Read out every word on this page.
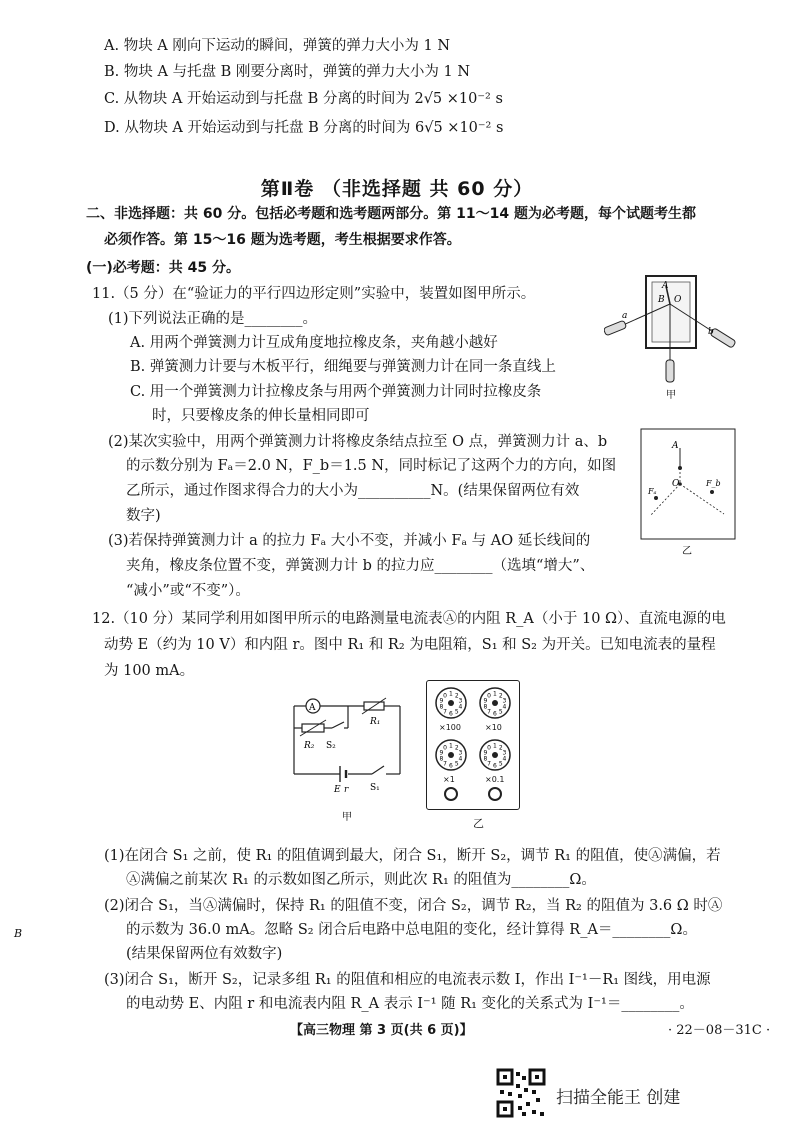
A. 物块 A 刚向下运动的瞬间，弹簧的弹力大小为 1 N
B. 物块 A 与托盘 B 刚要分离时，弹簧的弹力大小为 1 N
C. 从物块 A 开始运动到与托盘 B 分离的时间为 2√5 ×10⁻² s
D. 从物块 A 开始运动到与托盘 B 分离的时间为 6√5 ×10⁻² s
第Ⅱ卷 （非选择题 共 60 分）
二、非选择题：共 60 分。包括必考题和选考题两部分。第 11～14 题为必考题，每个试题考生都
必须作答。第 15～16 题为选考题，考生根据要求作答。
(一)必考题：共 45 分。
11.（5 分）在“验证力的平行四边形定则”实验中，装置如图甲所示。
(1)下列说法正确的是________。
A. 用两个弹簧测力计互成角度地拉橡皮条，夹角越小越好
B. 弹簧测力计要与木板平行，细绳要与弹簧测力计在同一条直线上
C. 用一个弹簧测力计拉橡皮条与用两个弹簧测力计同时拉橡皮条
时，只要橡皮条的伸长量相同即可
(2)某次实验中，用两个弹簧测力计将橡皮条结点拉至 O 点，弹簧测力计 a、b
的示数分别为 Fₐ＝2.0 N，F_b＝1.5 N，同时标记了这两个力的方向，如图
乙所示，通过作图求得合力的大小为__________N。(结果保留两位有效
数字)
(3)若保持弹簧测力计 a 的拉力 Fₐ 大小不变，并减小 Fₐ 与 AO 延长线间的
夹角，橡皮条位置不变，弹簧测力计 b 的拉力应________（选填“增大”、
“减小”或“不变”）。
A
B O
a
b
甲
A
O
Fₐ
F_b
乙
12.（10 分）某同学利用如图甲所示的电路测量电流表Ⓐ的内阻 R_A（小于 10 Ω）、直流电源的电
动势 E（约为 10 V）和内阻 r。图中 R₁ 和 R₂ 为电阻箱，S₁ 和 S₂ 为开关。已知电流表的量程
为 100 mA。
A
R₁
R₂ S₂
E r S₁
甲
1 2
3
4
5
6
7
8
9
0	1 2
3
4
5
6
7
8
9
0
1 2
3
4
5
6
7
8
9
0	1 2
3
4
5
6
7
8
9
0
×100	×10
×1	×0.1
乙
(1)在闭合 S₁ 之前，使 R₁ 的阻值调到最大，闭合 S₁，断开 S₂，调节 R₁ 的阻值，使Ⓐ满偏，若
Ⓐ满偏之前某次 R₁ 的示数如图乙所示，则此次 R₁ 的阻值为________Ω。
(2)闭合 S₁，当Ⓐ满偏时，保持 R₁ 的阻值不变，闭合 S₂，调节 R₂，当 R₂ 的阻值为 3.6 Ω 时Ⓐ
的示数为 36.0 mA。忽略 S₂ 闭合后电路中总电阻的变化，经计算得 R_A＝________Ω。
(结果保留两位有效数字)
(3)闭合 S₁，断开 S₂，记录多组 R₁ 的阻值和相应的电流表示数 I，作出 I⁻¹－R₁ 图线，用电源
的电动势 E、内阻 r 和电流表内阻 R_A 表示 I⁻¹ 随 R₁ 变化的关系式为 I⁻¹＝________。
【高三物理 第 3 页(共 6 页)】	· 22－08－31C ·
B
扫描全能王 创建
